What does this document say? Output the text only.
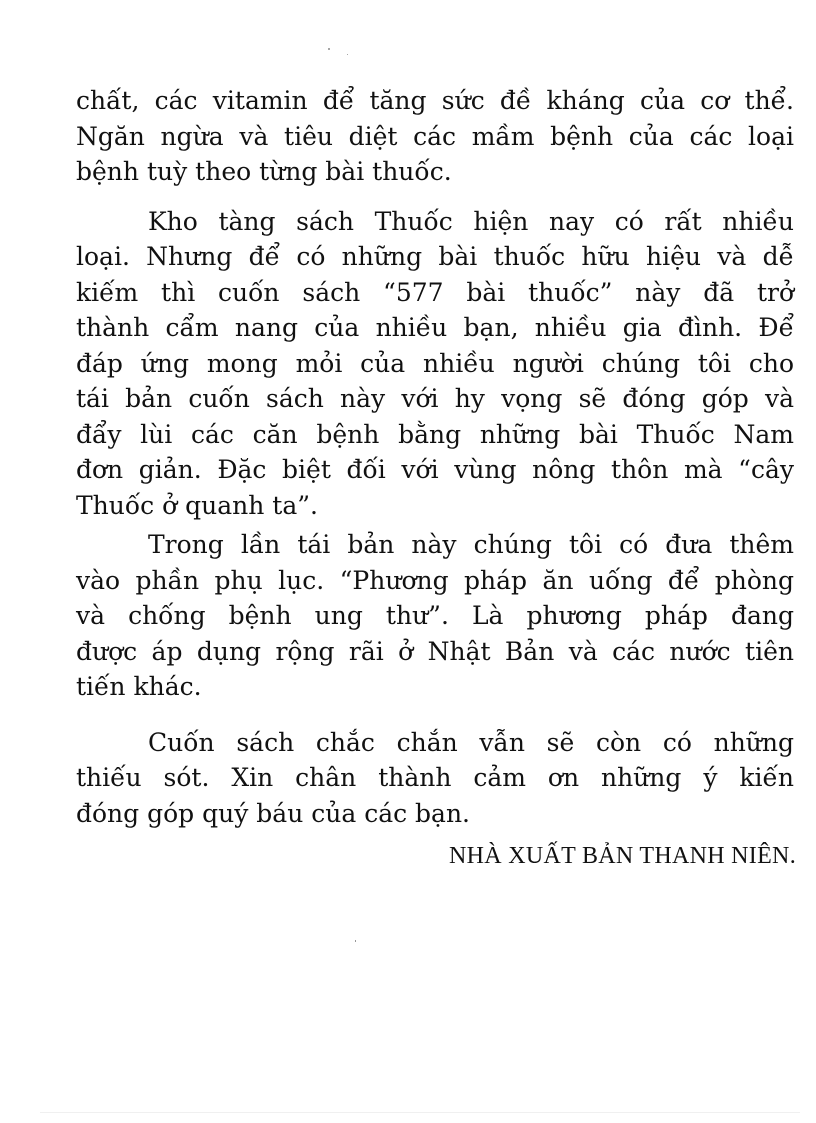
chất, các vitamin để tăng sức đề kháng của cơ thể.
Ngăn ngừa và tiêu diệt các mầm bệnh của các loại
bệnh tuỳ theo từng bài thuốc.

Kho tàng sách Thuốc hiện nay có rất nhiều
loại. Nhưng để có những bài thuốc hữu hiệu và dễ
kiếm thì cuốn sách “577 bài thuốc” này đã trở
thành cẩm nang của nhiều bạn, nhiều gia đình. Để
đáp ứng mong mỏi của nhiều người chúng tôi cho
tái bản cuốn sách này với hy vọng sẽ đóng góp và
đẩy lùi các căn bệnh bằng những bài Thuốc Nam
đơn giản. Đặc biệt đối với vùng nông thôn mà “cây
Thuốc ở quanh ta”.

Trong lần tái bản này chúng tôi có đưa thêm
vào phần phụ lục. “Phương pháp ăn uống để phòng
và chống bệnh ung thư”. Là phương pháp đang
được áp dụng rộng rãi ở Nhật Bản và các nước tiên
tiến khác.

Cuốn sách chắc chắn vẫn sẽ còn có những
thiếu sót. Xin chân thành cảm ơn những ý kiến
đóng góp quý báu của các bạn.

NHÀ XUẤT BẢN THANH NIÊN.
